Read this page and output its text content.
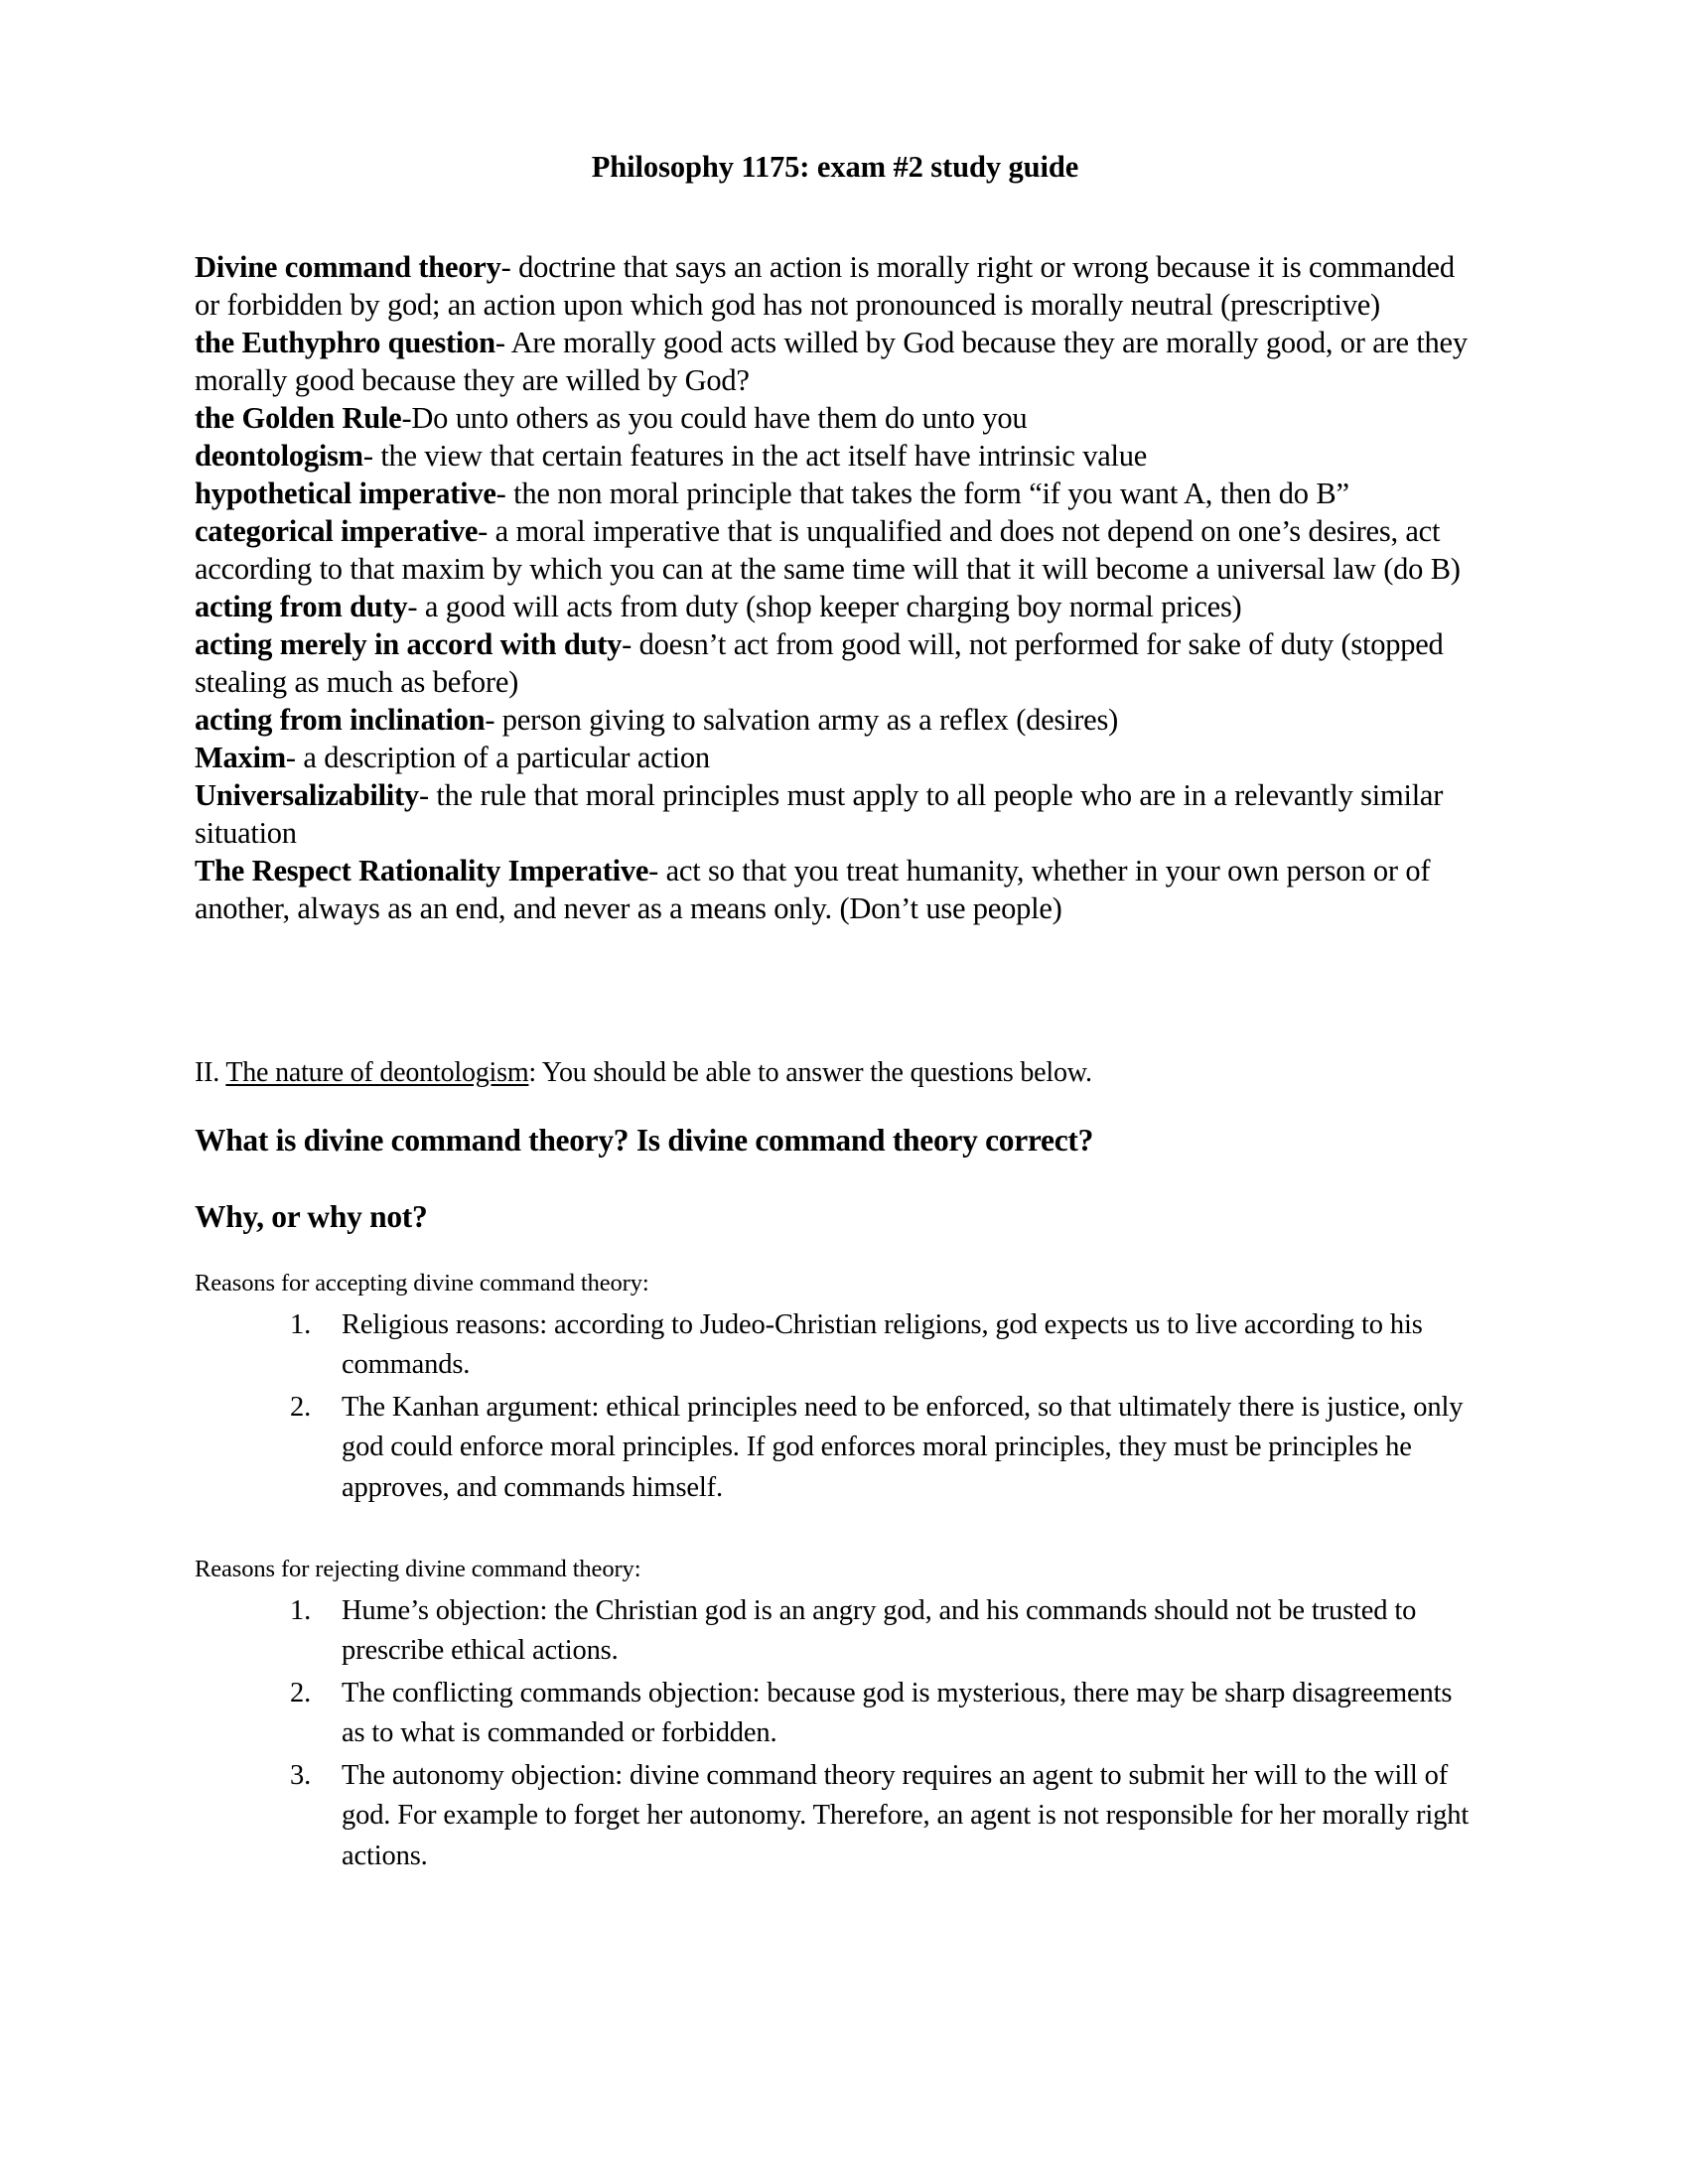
Philosophy 1175: exam #2 study guide

Divine command theory- doctrine that says an action is morally right or wrong because it is commanded or forbidden by god; an action upon which god has not pronounced is morally neutral (prescriptive)

the Euthyphro question- Are morally good acts willed by God because they are morally good, or are they morally good because they are willed by God?

the Golden Rule-Do unto others as you could have them do unto you

deontologism- the view that certain features in the act itself have intrinsic value

hypothetical imperative- the non moral principle that takes the form “if you want A, then do B”

categorical imperative- a moral imperative that is unqualified and does not depend on one’s desires, act according to that maxim by which you can at the same time will that it will become a universal law (do B)

acting from duty- a good will acts from duty (shop keeper charging boy normal prices)

acting merely in accord with duty- doesn’t act from good will, not performed for sake of duty (stopped stealing as much as before)

acting from inclination- person giving to salvation army as a reflex (desires)

Maxim- a description of a particular action

Universalizability- the rule that moral principles must apply to all people who are in a relevantly similar situation

The Respect Rationality Imperative- act so that you treat humanity, whether in your own person or of another, always as an end, and never as a means only. (Don’t use people)

II. The nature of deontologism: You should be able to answer the questions below.

What is divine command theory? Is divine command theory correct?

Why, or why not?

Reasons for accepting divine command theory:

Religious reasons: according to Judeo-Christian religions, god expects us to live according to his commands.
The Kanhan argument: ethical principles need to be enforced, so that ultimately there is justice, only god could enforce moral principles. If god enforces moral principles, they must be principles he approves, and commands himself.

Reasons for rejecting divine command theory:

Hume’s objection: the Christian god is an angry god, and his commands should not be trusted to prescribe ethical actions.
The conflicting commands objection: because god is mysterious, there may be sharp disagreements as to what is commanded or forbidden.
The autonomy objection: divine command theory requires an agent to submit her will to the will of god. For example to forget her autonomy. Therefore, an agent is not responsible for her morally right actions.
